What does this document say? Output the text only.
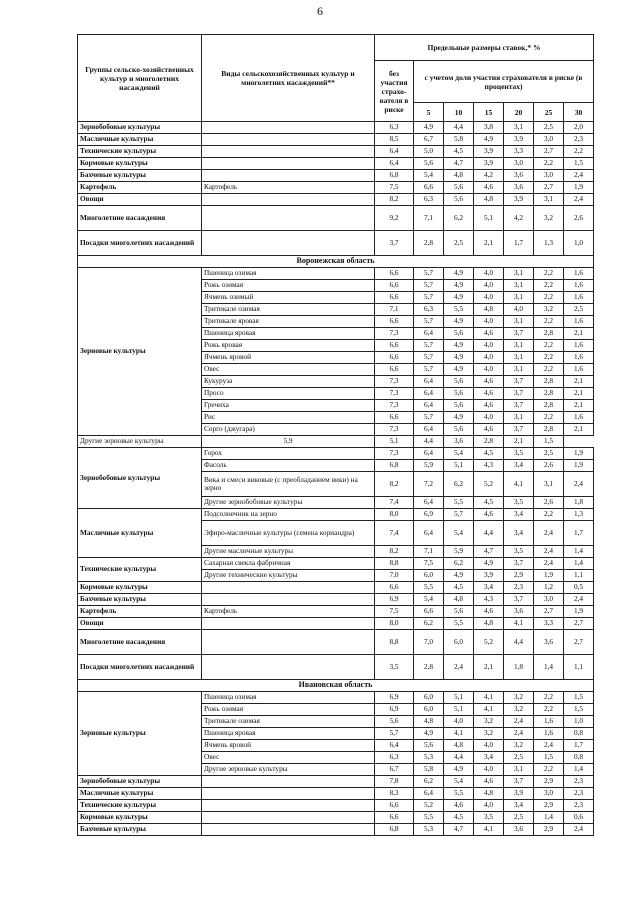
6
Группы сельско-хозяйственных культур и многолетних насаждений	Виды сельскохозяйственных культур и многолетних насаждений**	Предельные размеры ставок,* %						
		без участия страхо-вателя в риске	с учетом доли участия страхователя в риске (в процентах)					
			5	10	15	20	25	30
Зернобобовые культуры		6,3	4,9	4,4	3,8	3,1	2,5	2,0
Масличные культуры		8,5	6,7	5,8	4,9	3,9	3,0	2,3
Технические культуры		6,4	5,0	4,5	3,9	3,3	2,7	2,2
Кормовые культуры		6,4	5,6	4,7	3,9	3,0	2,2	1,5
Бахчевые культуры		6,8	5,4	4,8	4,2	3,6	3,0	2,4
Картофель	Картофель	7,5	6,6	5,6	4,6	3,6	2,7	1,9
Овощи		8,2	6,3	5,6	4,8	3,9	3,1	2,4
Многолетние насаждения		9,2	7,1	6,2	5,1	4,2	3,2	2,6
Посадки многолетних насаждений		3,7	2,8	2,5	2,1	1,7	1,3	1,0
Воронежская область								
Зерновые культуры	Пшеница озимая	6,6	5,7	4,9	4,0	3,1	2,2	1,6
	Рожь озимая	6,6	5,7	4,9	4,0	3,1	2,2	1,6
	Ячмень озимый	6,6	5,7	4,9	4,0	3,1	2,2	1,6
	Тритикале озимая	7,1	6,3	5,5	4,8	4,0	3,2	2,5
	Тритикале яровая	6,6	5,7	4,9	4,0	3,1	2,2	1,6
	Пшеница яровая	7,3	6,4	5,6	4,6	3,7	2,8	2,1
	Рожь яровая	6,6	5,7	4,9	4,0	3,1	2,2	1,6
	Ячмень яровой	6,6	5,7	4,9	4,0	3,1	2,2	1,6
	Овес	6,6	5,7	4,9	4,0	3,1	2,2	1,6
	Кукуруза	7,3	6,4	5,6	4,6	3,7	2,8	2,1
	Просо	7,3	6,4	5,6	4,6	3,7	2,8	2,1
	Гречиха	7,3	6,4	5,6	4,6	3,7	2,8	2,1
	Рис	6,6	5,7	4,9	4,0	3,1	2,2	1,6
	Сорго (джугара)	7,3	6,4	5,6	4,6	3,7	2,8	2,1
Другие зерновые культуры	5,9	5,1	4,4	3,6	2,8	2,1	1,5	
Зернобобовые культуры	Горох	7,3	6,4	5,4	4,5	3,5	2,5	1,9
	Фасоль	6,8	5,9	5,1	4,3	3,4	2,6	1,9
	Вика и смеси виковые (с преобладанием вики) на зерно	8,2	7,2	6,2	5,2	4,1	3,1	2,4
	Другие зернобобовые культуры	7,4	6,4	5,5	4,5	3,5	2,6	1,8
Масличные культуры	Подсолнечник на зерно	8,0	6,9	5,7	4,6	3,4	2,2	1,3
	Эфиро-масличные культуры (семена кориандра)	7,4	6,4	5,4	4,4	3,4	2,4	1,7
	Другие масличные культуры	8,2	7,1	5,9	4,7	3,5	2,4	1,4
Технические культуры	Сахарная свекла фабричная	8,8	7,5	6,2	4,9	3,7	2,4	1,4
	Другие технические культуры	7,0	6,0	4,9	3,9	2,9	1,9	1,1
Кормовые культуры		6,6	5,5	4,5	3,4	2,3	1,2	0,5
Бахчевые культуры		6,9	5,4	4,8	4,3	3,7	3,0	2,4
Картофель	Картофель	7,5	6,6	5,6	4,6	3,6	2,7	1,9
Овощи		8,0	6,2	5,5	4,8	4,1	3,3	2,7
Многолетние насаждения		8,8	7,0	6,0	5,2	4,4	3,6	2,7
Посадки многолетних насаждений		3,5	2,8	2,4	2,1	1,8	1,4	1,1
Ивановская область								
Зерновые культуры	Пшеница озимая	6,9	6,0	5,1	4,1	3,2	2,2	1,5
	Рожь озимая	6,9	6,0	5,1	4,1	3,2	2,2	1,5
	Тритикале озимая	5,6	4,8	4,0	3,2	2,4	1,6	1,0
	Пшеница яровая	5,7	4,9	4,1	3,2	2,4	1,6	0,8
	Ячмень яровой	6,4	5,6	4,8	4,0	3,2	2,4	1,7
	Овес	6,3	5,3	4,4	3,4	2,5	1,5	0,8
	Другие зерновые культуры	6,7	5,8	4,9	4,0	3,1	2,2	1,4
Зернобобовые культуры		7,8	6,2	5,4	4,6	3,7	2,9	2,3
Масличные культуры		8,3	6,4	5,5	4,8	3,9	3,0	2,3
Технические культуры		6,6	5,2	4,6	4,0	3,4	2,9	2,3
Кормовые культуры		6,6	5,5	4,5	3,5	2,5	1,4	0,6
Бахчевые культуры		6,8	5,3	4,7	4,1	3,6	2,9	2,4
